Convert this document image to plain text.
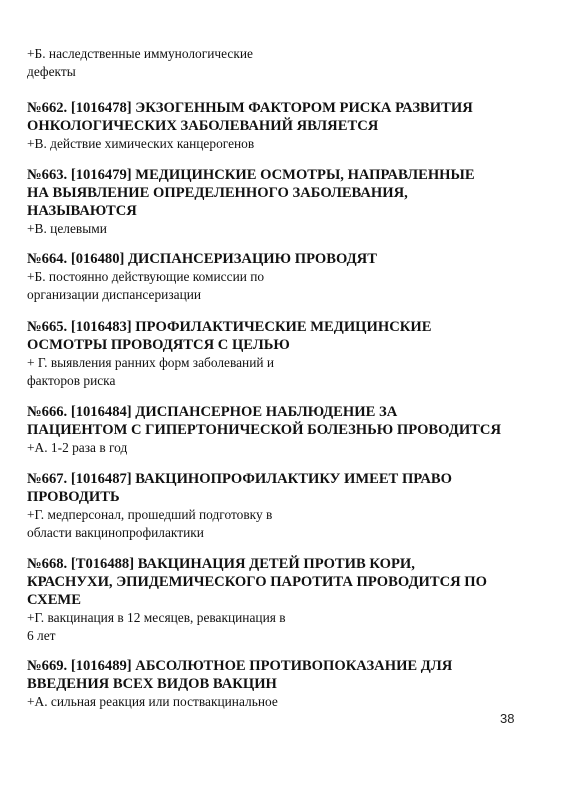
+Б. наследственные иммунологические
дефекты
№662. [1016478] ЭКЗОГЕННЫМ ФАКТОРОМ РИСКА РАЗВИТИЯ
ОНКОЛОГИЧЕСКИХ ЗАБОЛЕВАНИЙ ЯВЛЯЕТСЯ
+В. действие химических канцерогенов
№663. [1016479] МЕДИЦИНСКИЕ ОСМОТРЫ, НАПРАВЛЕННЫЕ
НА ВЫЯВЛЕНИЕ ОПРЕДЕЛЕННОГО ЗАБОЛЕВАНИЯ,
НАЗЫВАЮТСЯ
+В. целевыми
№664. [016480] ДИСПАНСЕРИЗАЦИЮ ПРОВОДЯТ
+Б. постоянно действующие комиссии по
организации диспансеризации
№665. [1016483] ПРОФИЛАКТИЧЕСКИЕ МЕДИЦИНСКИЕ
ОСМОТРЫ ПРОВОДЯТСЯ С ЦЕЛЬЮ
+ Г. выявления ранних форм заболеваний и
факторов риска
№666. [1016484] ДИСПАНСЕРНОЕ НАБЛЮДЕНИЕ ЗА
ПАЦИЕНТОМ С ГИПЕРТОНИЧЕСКОЙ БОЛЕЗНЬЮ ПРОВОДИТСЯ
+А. 1-2 раза в год
№667. [1016487] ВАКЦИНОПРОФИЛАКТИКУ ИМЕЕТ ПРАВО
ПРОВОДИТЬ
+Г. медперсонал, прошедший подготовку в
области вакцинопрофилактики
№668. [Т016488] ВАКЦИНАЦИЯ ДЕТЕЙ ПРОТИВ КОРИ,
КРАСНУХИ, ЭПИДЕМИЧЕСКОГО ПАРОТИТА ПРОВОДИТСЯ ПО
СХЕМЕ
+Г. вакцинация в 12 месяцев, ревакцинация в
6 лет
№669. [1016489] АБСОЛЮТНОЕ ПРОТИВОПОКАЗАНИЕ ДЛЯ
ВВЕДЕНИЯ ВСЕХ ВИДОВ ВАКЦИН
+А. сильная реакция или поствакцинальное
38
